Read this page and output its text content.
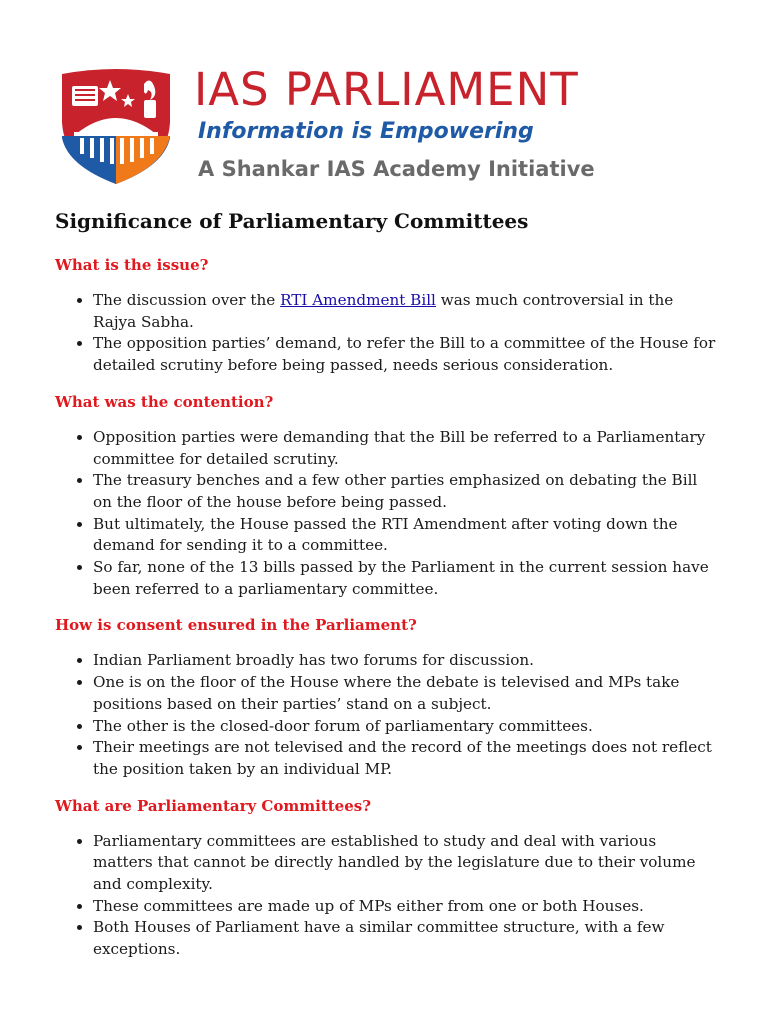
IAS PARLIAMENT
Information is Empowering
A Shankar IAS Academy Initiative
Significance of Parliamentary Committees
What is the issue?
• The discussion over the RTI Amendment Bill was much controversial in the Rajya Sabha.
• The opposition parties’ demand, to refer the Bill to a committee of the House for detailed scrutiny before being passed, needs serious consideration.
What was the contention?
• Opposition parties were demanding that the Bill be referred to a Parliamentary committee for detailed scrutiny.
• The treasury benches and a few other parties emphasized on debating the Bill on the floor of the house before being passed.
• But ultimately, the House passed the RTI Amendment after voting down the demand for sending it to a committee.
• So far, none of the 13 bills passed by the Parliament in the current session have been referred to a parliamentary committee.
How is consent ensured in the Parliament?
• Indian Parliament broadly has two forums for discussion.
• One is on the floor of the House where the debate is televised and MPs take positions based on their parties’ stand on a subject.
• The other is the closed-door forum of parliamentary committees.
• Their meetings are not televised and the record of the meetings does not reflect the position taken by an individual MP.
What are Parliamentary Committees?
• Parliamentary committees are established to study and deal with various matters that cannot be directly handled by the legislature due to their volume and complexity.
• These committees are made up of MPs either from one or both Houses.
• Both Houses of Parliament have a similar committee structure, with a few exceptions.
